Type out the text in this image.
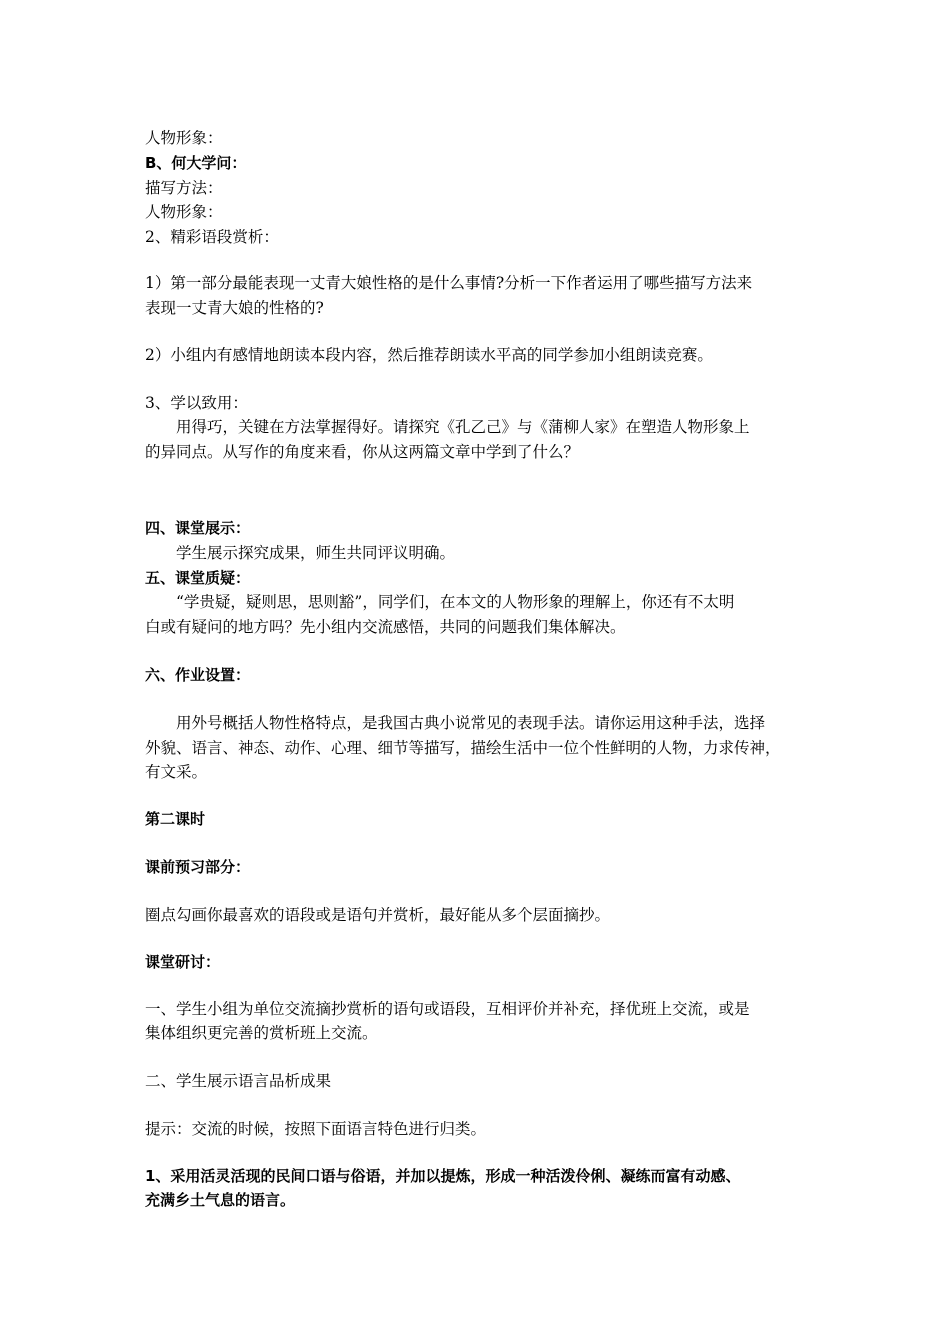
人物形象：
B、何大学问：
描写方法：
人物形象：
2、精彩语段赏析：
1）第一部分最能表现一丈青大娘性格的是什么事情?分析一下作者运用了哪些描写方法来
表现一丈青大娘的性格的?
2）小组内有感情地朗读本段内容，然后推荐朗读水平高的同学参加小组朗读竞赛。
3、学以致用：
用得巧，关键在方法掌握得好。请探究《孔乙己》与《蒲柳人家》在塑造人物形象上
的异同点。从写作的角度来看，你从这两篇文章中学到了什么？
四、课堂展示：
学生展示探究成果，师生共同评议明确。
五、课堂质疑：
“学贵疑，疑则思，思则豁”，同学们，在本文的人物形象的理解上，你还有不太明
白或有疑问的地方吗？先小组内交流感悟，共同的问题我们集体解决。
六、作业设置：
用外号概括人物性格特点，是我国古典小说常见的表现手法。请你运用这种手法，选择
外貌、语言、神态、动作、心理、细节等描写，描绘生活中一位个性鲜明的人物，力求传神，
有文采。
第二课时
课前预习部分：
圈点勾画你最喜欢的语段或是语句并赏析，最好能从多个层面摘抄。
课堂研讨：
一、学生小组为单位交流摘抄赏析的语句或语段，互相评价并补充，择优班上交流，或是
集体组织更完善的赏析班上交流。
二、学生展示语言品析成果
提示：交流的时候，按照下面语言特色进行归类。
1、采用活灵活现的民间口语与俗语，并加以提炼，形成一种活泼伶俐、凝练而富有动感、
充满乡土气息的语言。
